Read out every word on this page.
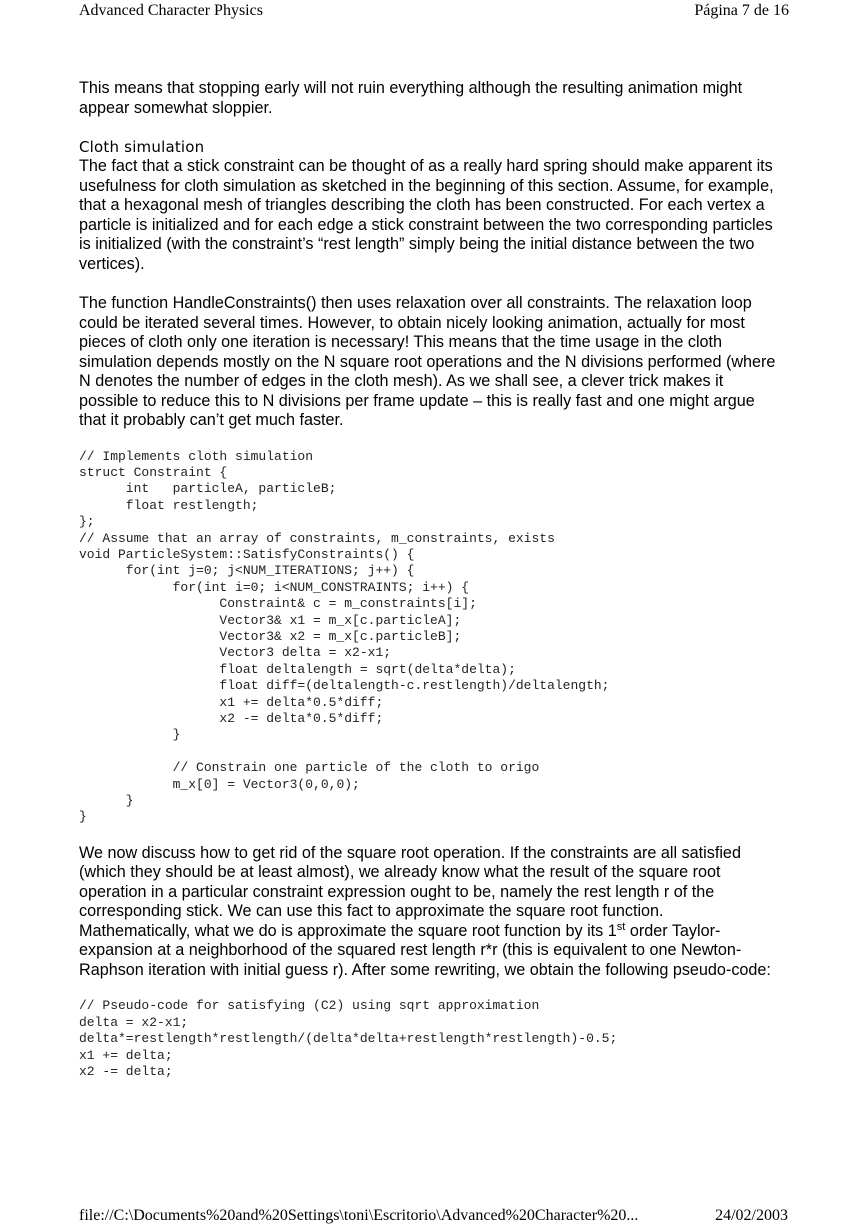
Advanced Character Physics	Página 7 de 16

This means that stopping early will not ruin everything although the resulting animation might appear somewhat sloppier.

Cloth simulation

The fact that a stick constraint can be thought of as a really hard spring should make apparent its usefulness for cloth simulation as sketched in the beginning of this section. Assume, for example, that a hexagonal mesh of triangles describing the cloth has been constructed. For each vertex a particle is initialized and for each edge a stick constraint between the two corresponding particles is initialized (with the constraint’s “rest length” simply being the initial distance between the two vertices).

The function HandleConstraints() then uses relaxation over all constraints. The relaxation loop could be iterated several times. However, to obtain nicely looking animation, actually for most pieces of cloth only one iteration is necessary! This means that the time usage in the cloth simulation depends mostly on the N square root operations and the N divisions performed (where N denotes the number of edges in the cloth mesh). As we shall see, a clever trick makes it possible to reduce this to N divisions per frame update – this is really fast and one might argue that it probably can’t get much faster.

// Implements cloth simulation
struct Constraint {
int   particleA, particleB;
float restlength;
};
// Assume that an array of constraints, m_constraints, exists
void ParticleSystem::SatisfyConstraints() {
for(int j=0; j<NUM_ITERATIONS; j++) {
for(int i=0; i<NUM_CONSTRAINTS; i++) {
Constraint& c = m_constraints[i];
Vector3& x1 = m_x[c.particleA];
Vector3& x2 = m_x[c.particleB];
Vector3 delta = x2-x1;
float deltalength = sqrt(delta*delta);
float diff=(deltalength-c.restlength)/deltalength;
x1 += delta*0.5*diff;
x2 -= delta*0.5*diff;
}

// Constrain one particle of the cloth to origo
m_x[0] = Vector3(0,0,0);
}
}

We now discuss how to get rid of the square root operation. If the constraints are all satisfied (which they should be at least almost), we already know what the result of the square root operation in a particular constraint expression ought to be, namely the rest length r of the corresponding stick. We can use this fact to approximate the square root function. Mathematically, what we do is approximate the square root function by its 1st order Taylor-expansion at a neighborhood of the squared rest length r*r (this is equivalent to one Newton-Raphson iteration with initial guess r). After some rewriting, we obtain the following pseudo-code:

// Pseudo-code for satisfying (C2) using sqrt approximation
delta = x2-x1;
delta*=restlength*restlength/(delta*delta+restlength*restlength)-0.5;
x1 += delta;
x2 -= delta;
file://C:\Documents%20and%20Settings\toni\Escritorio\Advanced%20Character%20...	24/02/2003
